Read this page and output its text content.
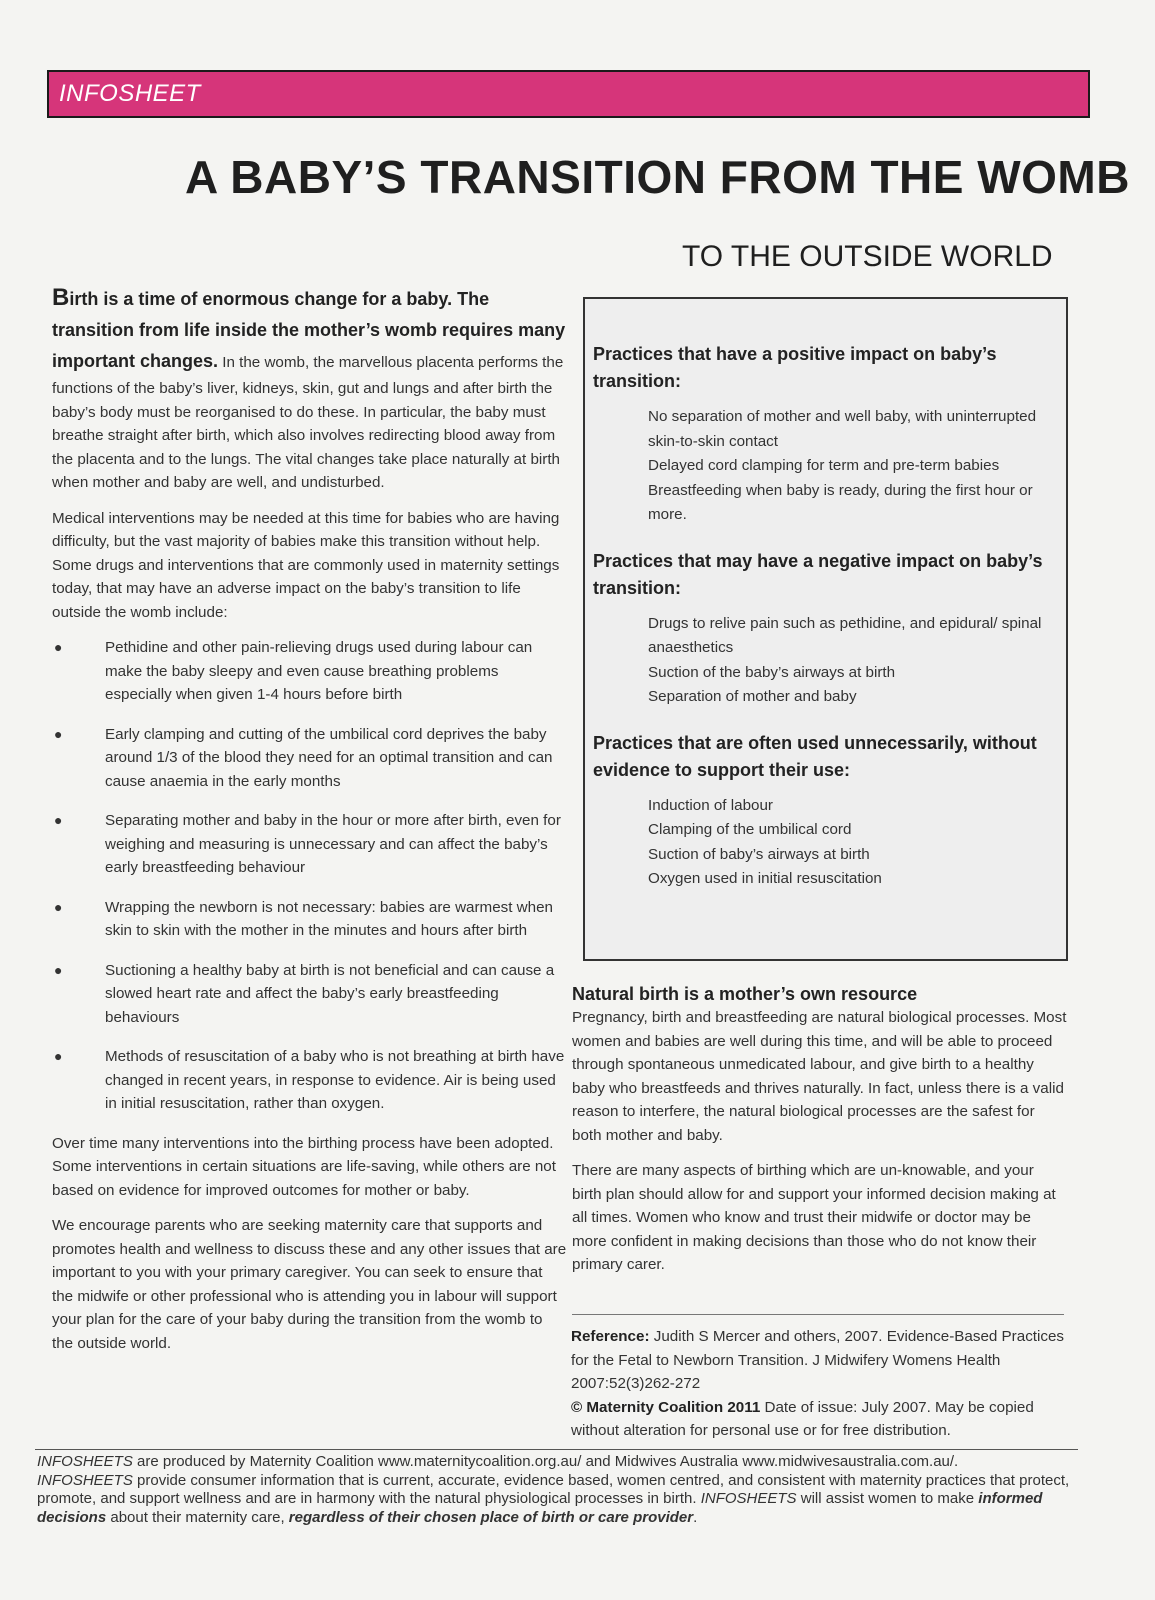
INFOSHEET
A BABY’S TRANSITION FROM THE WOMB
TO THE OUTSIDE WORLD

Birth is a time of enormous change for a baby. The transition from life inside the mother’s womb requires many important changes. In the womb, the marvellous placenta performs the functions of the baby’s liver, kidneys, skin, gut and lungs and after birth the baby’s body must be reorganised to do these. In particular, the baby must breathe straight after birth, which also involves redirecting blood away from the placenta and to the lungs. The vital changes take place naturally at birth when mother and baby are well, and undisturbed.

Medical interventions may be needed at this time for babies who are having difficulty, but the vast majority of babies make this transition without help. Some drugs and interventions that are commonly used in maternity settings today, that may have an adverse impact on the baby’s transition to life outside the womb include:

●	Pethidine and other pain-relieving drugs used during labour can make the baby sleepy and even cause breathing problems especially when given 1-4 hours before birth
●	Early clamping and cutting of the umbilical cord deprives the baby around 1/3 of the blood they need for an optimal transition and can cause anaemia in the early months
●	Separating mother and baby in the hour or more after birth, even for weighing and measuring is unnecessary and can affect the baby’s early breastfeeding behaviour
●	Wrapping the newborn is not necessary: babies are warmest when skin to skin with the mother in the minutes and hours after birth
●	Suctioning a healthy baby at birth is not beneficial and can cause a slowed heart rate and affect the baby’s early breastfeeding behaviours
●	Methods of resuscitation of a baby who is not breathing at birth have changed in recent years, in response to evidence. Air is being used in initial resuscitation, rather than oxygen.

Over time many interventions into the birthing process have been adopted. Some interventions in certain situations are life-saving, while others are not based on evidence for improved outcomes for mother or baby.

We encourage parents who are seeking maternity care that supports and promotes health and wellness to discuss these and any other issues that are important to you with your primary caregiver. You can seek to ensure that the midwife or other professional who is attending you in labour will support your plan for the care of your baby during the transition from the womb to the outside world.

Practices that have a positive impact on baby’s transition:
No separation of mother and well baby, with uninterrupted skin-to-skin contact
Delayed cord clamping for term and pre-term babies
Breastfeeding when baby is ready, during the first hour or more.
Practices that may have a negative impact on baby’s transition:
Drugs to relive pain such as pethidine, and epidural/ spinal anaesthetics
Suction of the baby’s airways at birth
Separation of mother and baby
Practices that are often used unnecessarily, without evidence to support their use:
Induction of labour
Clamping of the umbilical cord
Suction of baby’s airways at birth
Oxygen used in initial resuscitation
Natural birth is a mother’s own resource

Pregnancy, birth and breastfeeding are natural biological processes. Most women and babies are well during this time, and will be able to proceed through spontaneous unmedicated labour, and give birth to a healthy baby who breastfeeds and thrives naturally. In fact, unless there is a valid reason to interfere, the natural biological processes are the safest for both mother and baby.

There are many aspects of birthing which are un-knowable, and your birth plan should allow for and support your informed decision making at all times. Women who know and trust their midwife or doctor may be more confident in making decisions than those who do not know their primary carer.

Reference: Judith S Mercer and others, 2007. Evidence-Based Practices for the Fetal to Newborn Transition. J Midwifery Womens Health 2007:52(3)262-272

© Maternity Coalition 2011 Date of issue: July 2007. May be copied without alteration for personal use or for free distribution.

INFOSHEETS are produced by Maternity Coalition www.maternitycoalition.org.au/ and Midwives Australia www.midwivesaustralia.com.au/.
INFOSHEETS provide consumer information that is current, accurate, evidence based, women centred, and consistent with maternity practices that protect, promote, and support wellness and are in harmony with the natural physiological processes in birth. INFOSHEETS will assist women to make informed decisions about their maternity care, regardless of their chosen place of birth or care provider.
